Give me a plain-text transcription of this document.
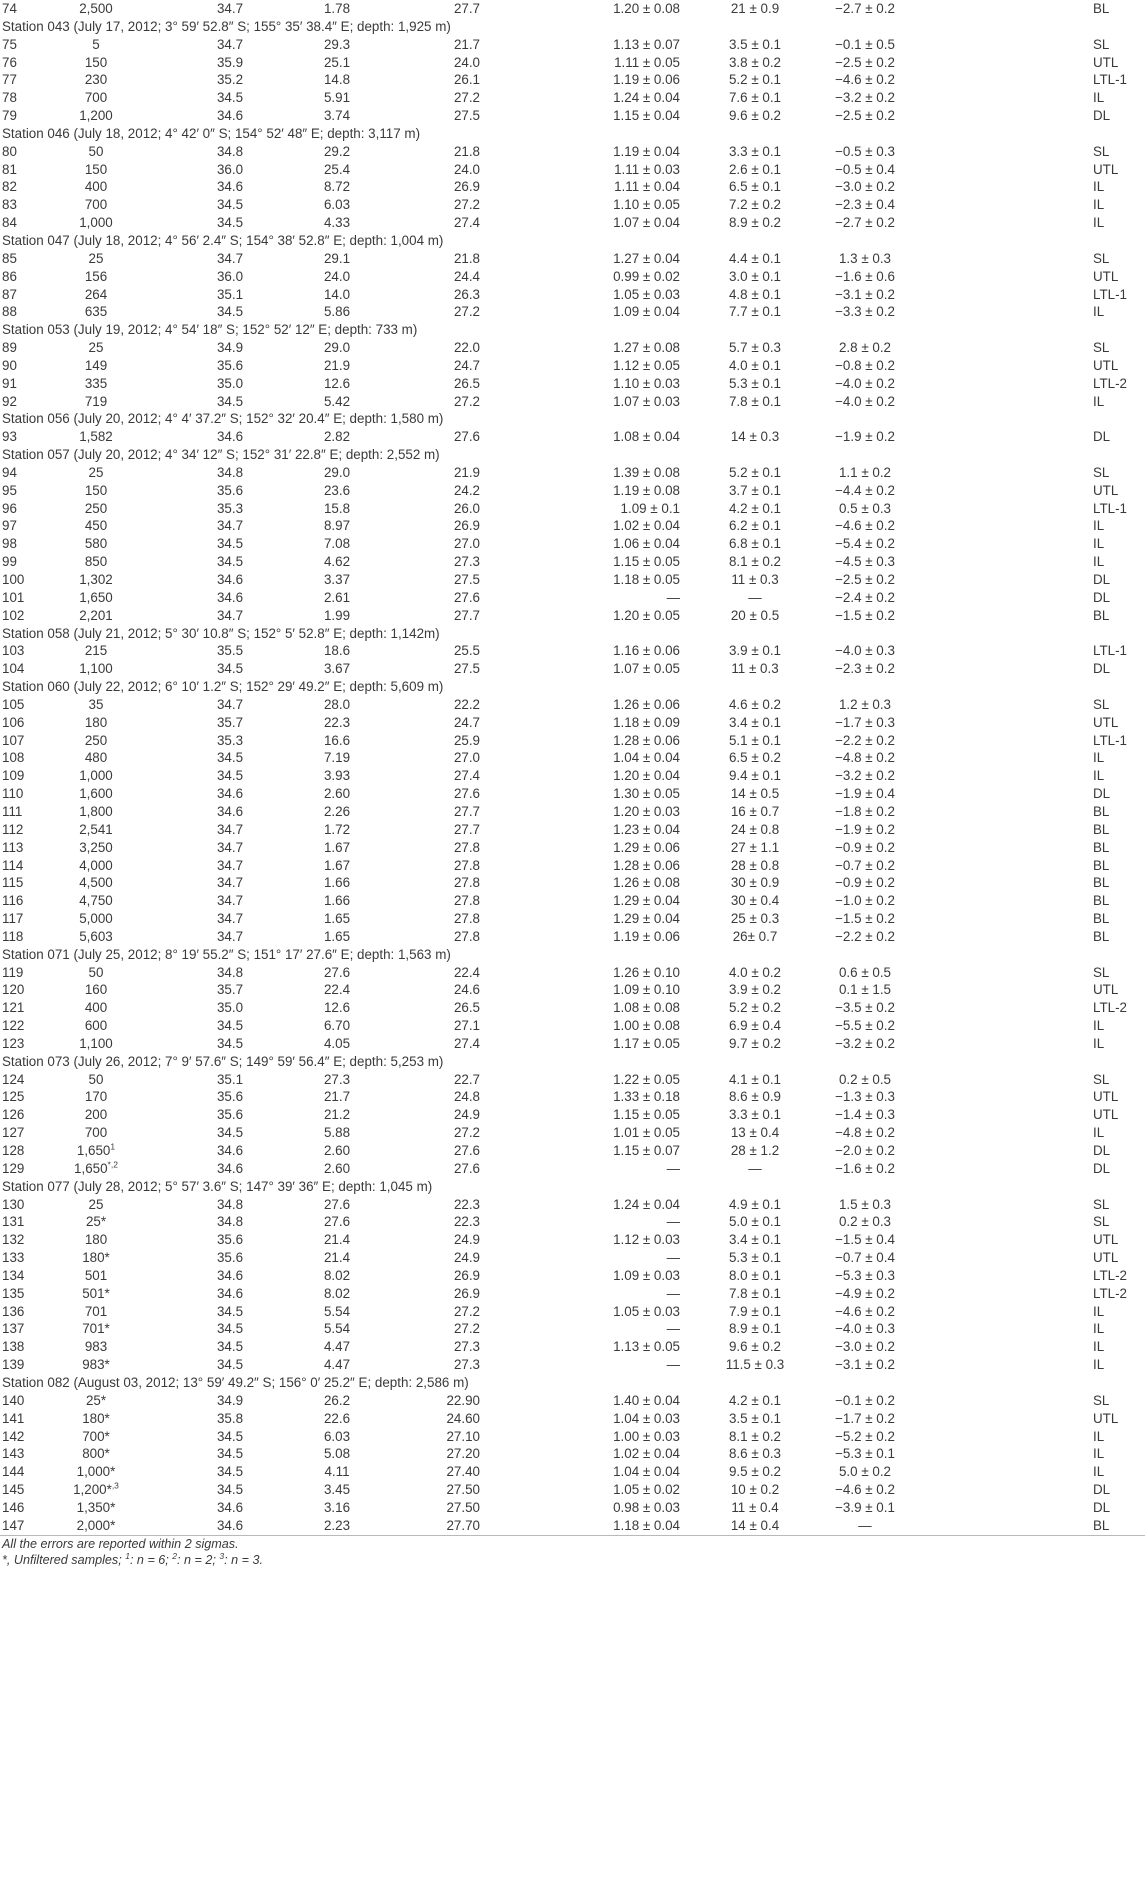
74	2,500	34.7	1.78	27.7	1.20 ± 0.08	21 ± 0.9	−2.7 ± 0.2	BL
Station 043 (July 17, 2012; 3° 59′ 52.8″ S; 155° 35′ 38.4″ E; depth: 1,925 m)
75	5	34.7	29.3	21.7	1.13 ± 0.07	3.5 ± 0.1	−0.1 ± 0.5	SL
76	150	35.9	25.1	24.0	1.11 ± 0.05	3.8 ± 0.2	−2.5 ± 0.2	UTL
77	230	35.2	14.8	26.1	1.19 ± 0.06	5.2 ± 0.1	−4.6 ± 0.2	LTL-1
78	700	34.5	5.91	27.2	1.24 ± 0.04	7.6 ± 0.1	−3.2 ± 0.2	IL
79	1,200	34.6	3.74	27.5	1.15 ± 0.04	9.6 ± 0.2	−2.5 ± 0.2	DL
Station 046 (July 18, 2012; 4° 42′ 0″ S; 154° 52′ 48″ E; depth: 3,117 m)
80	50	34.8	29.2	21.8	1.19 ± 0.04	3.3 ± 0.1	−0.5 ± 0.3	SL
81	150	36.0	25.4	24.0	1.11 ± 0.03	2.6 ± 0.1	−0.5 ± 0.4	UTL
82	400	34.6	8.72	26.9	1.11 ± 0.04	6.5 ± 0.1	−3.0 ± 0.2	IL
83	700	34.5	6.03	27.2	1.10 ± 0.05	7.2 ± 0.2	−2.3 ± 0.4	IL
84	1,000	34.5	4.33	27.4	1.07 ± 0.04	8.9 ± 0.2	−2.7 ± 0.2	IL
Station 047 (July 18, 2012; 4° 56′ 2.4″ S; 154° 38′ 52.8″ E; depth: 1,004 m)
85	25	34.7	29.1	21.8	1.27 ± 0.04	4.4 ± 0.1	1.3 ± 0.3	SL
86	156	36.0	24.0	24.4	0.99 ± 0.02	3.0 ± 0.1	−1.6 ± 0.6	UTL
87	264	35.1	14.0	26.3	1.05 ± 0.03	4.8 ± 0.1	−3.1 ± 0.2	LTL-1
88	635	34.5	5.86	27.2	1.09 ± 0.04	7.7 ± 0.1	−3.3 ± 0.2	IL
Station 053 (July 19, 2012; 4° 54′ 18″ S; 152° 52′ 12″ E; depth: 733 m)
89	25	34.9	29.0	22.0	1.27 ± 0.08	5.7 ± 0.3	2.8 ± 0.2	SL
90	149	35.6	21.9	24.7	1.12 ± 0.05	4.0 ± 0.1	−0.8 ± 0.2	UTL
91	335	35.0	12.6	26.5	1.10 ± 0.03	5.3 ± 0.1	−4.0 ± 0.2	LTL-2
92	719	34.5	5.42	27.2	1.07 ± 0.03	7.8 ± 0.1	−4.0 ± 0.2	IL
Station 056 (July 20, 2012; 4° 4′ 37.2″ S; 152° 32′ 20.4″ E; depth: 1,580 m)
93	1,582	34.6	2.82	27.6	1.08 ± 0.04	14 ± 0.3	−1.9 ± 0.2	DL
Station 057 (July 20, 2012; 4° 34′ 12″ S; 152° 31′ 22.8″ E; depth: 2,552 m)
94	25	34.8	29.0	21.9	1.39 ± 0.08	5.2 ± 0.1	1.1 ± 0.2	SL
95	150	35.6	23.6	24.2	1.19 ± 0.08	3.7 ± 0.1	−4.4 ± 0.2	UTL
96	250	35.3	15.8	26.0	1.09 ± 0.1	4.2 ± 0.1	0.5 ± 0.3	LTL-1
97	450	34.7	8.97	26.9	1.02 ± 0.04	6.2 ± 0.1	−4.6 ± 0.2	IL
98	580	34.5	7.08	27.0	1.06 ± 0.04	6.8 ± 0.1	−5.4 ± 0.2	IL
99	850	34.5	4.62	27.3	1.15 ± 0.05	8.1 ± 0.2	−4.5 ± 0.3	IL
100	1,302	34.6	3.37	27.5	1.18 ± 0.05	11 ± 0.3	−2.5 ± 0.2	DL
101	1,650	34.6	2.61	27.6	—	—	−2.4 ± 0.2	DL
102	2,201	34.7	1.99	27.7	1.20 ± 0.05	20 ± 0.5	−1.5 ± 0.2	BL
Station 058 (July 21, 2012; 5° 30′ 10.8″ S; 152° 5′ 52.8″ E; depth: 1,142m)
103	215	35.5	18.6	25.5	1.16 ± 0.06	3.9 ± 0.1	−4.0 ± 0.3	LTL-1
104	1,100	34.5	3.67	27.5	1.07 ± 0.05	11 ± 0.3	−2.3 ± 0.2	DL
Station 060 (July 22, 2012; 6° 10′ 1.2″ S; 152° 29′ 49.2″ E; depth: 5,609 m)
105	35	34.7	28.0	22.2	1.26 ± 0.06	4.6 ± 0.2	1.2 ± 0.3	SL
106	180	35.7	22.3	24.7	1.18 ± 0.09	3.4 ± 0.1	−1.7 ± 0.3	UTL
107	250	35.3	16.6	25.9	1.28 ± 0.06	5.1 ± 0.1	−2.2 ± 0.2	LTL-1
108	480	34.5	7.19	27.0	1.04 ± 0.04	6.5 ± 0.2	−4.8 ± 0.2	IL
109	1,000	34.5	3.93	27.4	1.20 ± 0.04	9.4 ± 0.1	−3.2 ± 0.2	IL
110	1,600	34.6	2.60	27.6	1.30 ± 0.05	14 ± 0.5	−1.9 ± 0.4	DL
111	1,800	34.6	2.26	27.7	1.20 ± 0.03	16 ± 0.7	−1.8 ± 0.2	BL
112	2,541	34.7	1.72	27.7	1.23 ± 0.04	24 ± 0.8	−1.9 ± 0.2	BL
113	3,250	34.7	1.67	27.8	1.29 ± 0.06	27 ± 1.1	−0.9 ± 0.2	BL
114	4,000	34.7	1.67	27.8	1.28 ± 0.06	28 ± 0.8	−0.7 ± 0.2	BL
115	4,500	34.7	1.66	27.8	1.26 ± 0.08	30 ± 0.9	−0.9 ± 0.2	BL
116	4,750	34.7	1.66	27.8	1.29 ± 0.04	30 ± 0.4	−1.0 ± 0.2	BL
117	5,000	34.7	1.65	27.8	1.29 ± 0.04	25 ± 0.3	−1.5 ± 0.2	BL
118	5,603	34.7	1.65	27.8	1.19 ± 0.06	26± 0.7	−2.2 ± 0.2	BL
Station 071 (July 25, 2012; 8° 19′ 55.2″ S; 151° 17′ 27.6″ E; depth: 1,563 m)
119	50	34.8	27.6	22.4	1.26 ± 0.10	4.0 ± 0.2	0.6 ± 0.5	SL
120	160	35.7	22.4	24.6	1.09 ± 0.10	3.9 ± 0.2	0.1 ± 1.5	UTL
121	400	35.0	12.6	26.5	1.08 ± 0.08	5.2 ± 0.2	−3.5 ± 0.2	LTL-2
122	600	34.5	6.70	27.1	1.00 ± 0.08	6.9 ± 0.4	−5.5 ± 0.2	IL
123	1,100	34.5	4.05	27.4	1.17 ± 0.05	9.7 ± 0.2	−3.2 ± 0.2	IL
Station 073 (July 26, 2012; 7° 9′ 57.6″ S; 149° 59′ 56.4″ E; depth: 5,253 m)
124	50	35.1	27.3	22.7	1.22 ± 0.05	4.1 ± 0.1	0.2 ± 0.5	SL
125	170	35.6	21.7	24.8	1.33 ± 0.18	8.6 ± 0.9	−1.3 ± 0.3	UTL
126	200	35.6	21.2	24.9	1.15 ± 0.05	3.3 ± 0.1	−1.4 ± 0.3	UTL
127	700	34.5	5.88	27.2	1.01 ± 0.05	13 ± 0.4	−4.8 ± 0.2	IL
128	1,650$^1$	34.6	2.60	27.6	1.15 ± 0.07	28 ± 1.2	−2.0 ± 0.2	DL
129	$1,650^{*,2}$	34.6	2.60	27.6	—	—	−1.6 ± 0.2	DL
Station 077 (July 28, 2012; 5° 57′ 3.6″ S; 147° 39′ 36″ E; depth: 1,045 m)
130	25	34.8	27.6	22.3	1.24 ± 0.04	4.9 ± 0.1	1.5 ± 0.3	SL
131	25*	34.8	27.6	22.3	—	5.0 ± 0.1	0.2 ± 0.3	SL
132	180	35.6	21.4	24.9	1.12 ± 0.03	3.4 ± 0.1	−1.5 ± 0.4	UTL
133	180*	35.6	21.4	24.9	—	5.3 ± 0.1	−0.7 ± 0.4	UTL
134	501	34.6	8.02	26.9	1.09 ± 0.03	8.0 ± 0.1	−5.3 ± 0.3	LTL-2
135	501*	34.6	8.02	26.9	—	7.8 ± 0.1	−4.9 ± 0.2	LTL-2
136	701	34.5	5.54	27.2	1.05 ± 0.03	7.9 ± 0.1	−4.6 ± 0.2	IL
137	701*	34.5	5.54	27.2	—	8.9 ± 0.1	−4.0 ± 0.3	IL
138	983	34.5	4.47	27.3	1.13 ± 0.05	9.6 ± 0.2	−3.0 ± 0.2	IL
139	983*	34.5	4.47	27.3	—	11.5 ± 0.3	−3.1 ± 0.2	IL
Station 082 (August 03, 2012; 13° 59′ 49.2″ S; 156° 0′ 25.2″ E; depth: 2,586 m)
140	25*	34.9	26.2	22.90	1.40 ± 0.04	4.2 ± 0.1	−0.1 ± 0.2	SL
141	180*	35.8	22.6	24.60	1.04 ± 0.03	3.5 ± 0.1	−1.7 ± 0.2	UTL
142	700*	34.5	6.03	27.10	1.00 ± 0.03	8.1 ± 0.2	−5.2 ± 0.2	IL
143	800*	34.5	5.08	27.20	1.02 ± 0.04	8.6 ± 0.3	−5.3 ± 0.1	IL
144	1,000*	34.5	4.11	27.40	1.04 ± 0.04	9.5 ± 0.2	5.0 ± 0.2	IL
145	1,200*$^{,3}$	34.5	3.45	27.50	1.05 ± 0.02	10 ± 0.2	−4.6 ± 0.2	DL
146	1,350*	34.6	3.16	27.50	0.98 ± 0.03	11 ± 0.4	−3.9 ± 0.1	DL
147	2,000*	34.6	2.23	27.70	1.18 ± 0.04	14 ± 0.4	—	BL
All the errors are reported within 2 sigmas.
*, Unfiltered samples; $^1$: n = 6; $^2$: n = 2; $^3$: n = 3.
